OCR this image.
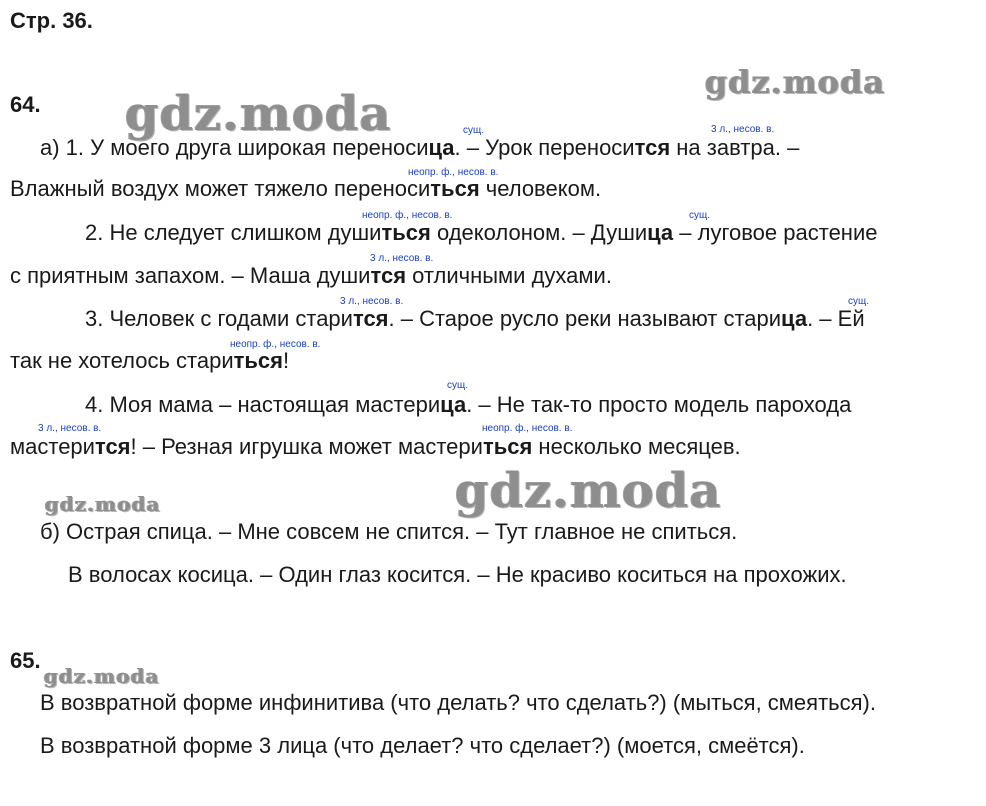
Стр. 36.
gdz.moda
gdz.moda
gdz.moda
gdz.moda
gdz.moda
64.
сущ.	3 л., несов. в.
а) 1. У моего друга широкая переносица. – Урок переносится на завтра. –
неопр. ф., несов. в.
Влажный воздух может тяжело переноситься человеком.
неопр. ф., несов. в.	сущ.
2. Не следует слишком душиться одеколоном. – Душица – луговое растение
3 л., несов. в.
с приятным запахом. – Маша душится отличными духами.
3 л., несов. в.	сущ.
3. Человек с годами старится. – Старое русло реки называют старица. – Ей
неопр. ф., несов. в.
так не хотелось стариться!
сущ.
4. Моя мама – настоящая мастерица. – Не так-то просто модель парохода
3 л., несов. в.	неопр. ф., несов. в.
мастерится! – Резная игрушка может мастериться несколько месяцев.
б) Острая спица. – Мне совсем не спится. – Тут главное не спиться.
В волосах косица. – Один глаз косится. – Не красиво коситься на прохожих.
65.
В возвратной форме инфинитива (что делать? что сделать?) (мыться, смеяться).
В возвратной форме 3 лица (что делает? что сделает?) (моется, смеётся).
